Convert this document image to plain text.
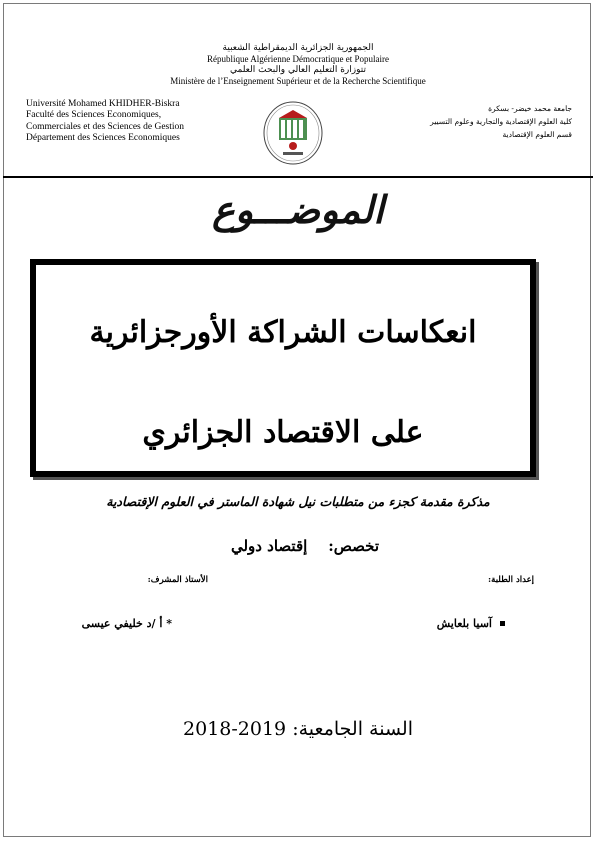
الجمهورية الجزائرية الديمقراطية الشعبية
République Algérienne Démocratique et Populaire
تتوزارة التعليم العالي والبحث العلمي
Ministère de l’Enseignement Supérieur et de la Recherche Scientifique
Université Mohamed KHIDHER-Biskra
Faculté des Sciences Economiques,
Commerciales et des Sciences de Gestion
Département des Sciences Economiques
جامعة محمد خيضر- بسكرة
كلية العلوم الإقتصادية والتجارية وعلوم التسيير
قسم العلوم الإقتصادية
الموضـــوع
انعكاسات الشراكة الأورجزائرية
على الاقتصاد الجزائري
مذكرة مقدمة كجزء من متطلبات نيل شهادة الماستر في العلوم الإقتصادية
تخصص:    إقتصاد دولي
إعداد الطلبة:
الأستاذ المشرف:
آسيا بلعايش
* أ /د خليفي عيسى
2018-2019 السنة الجامعية:
